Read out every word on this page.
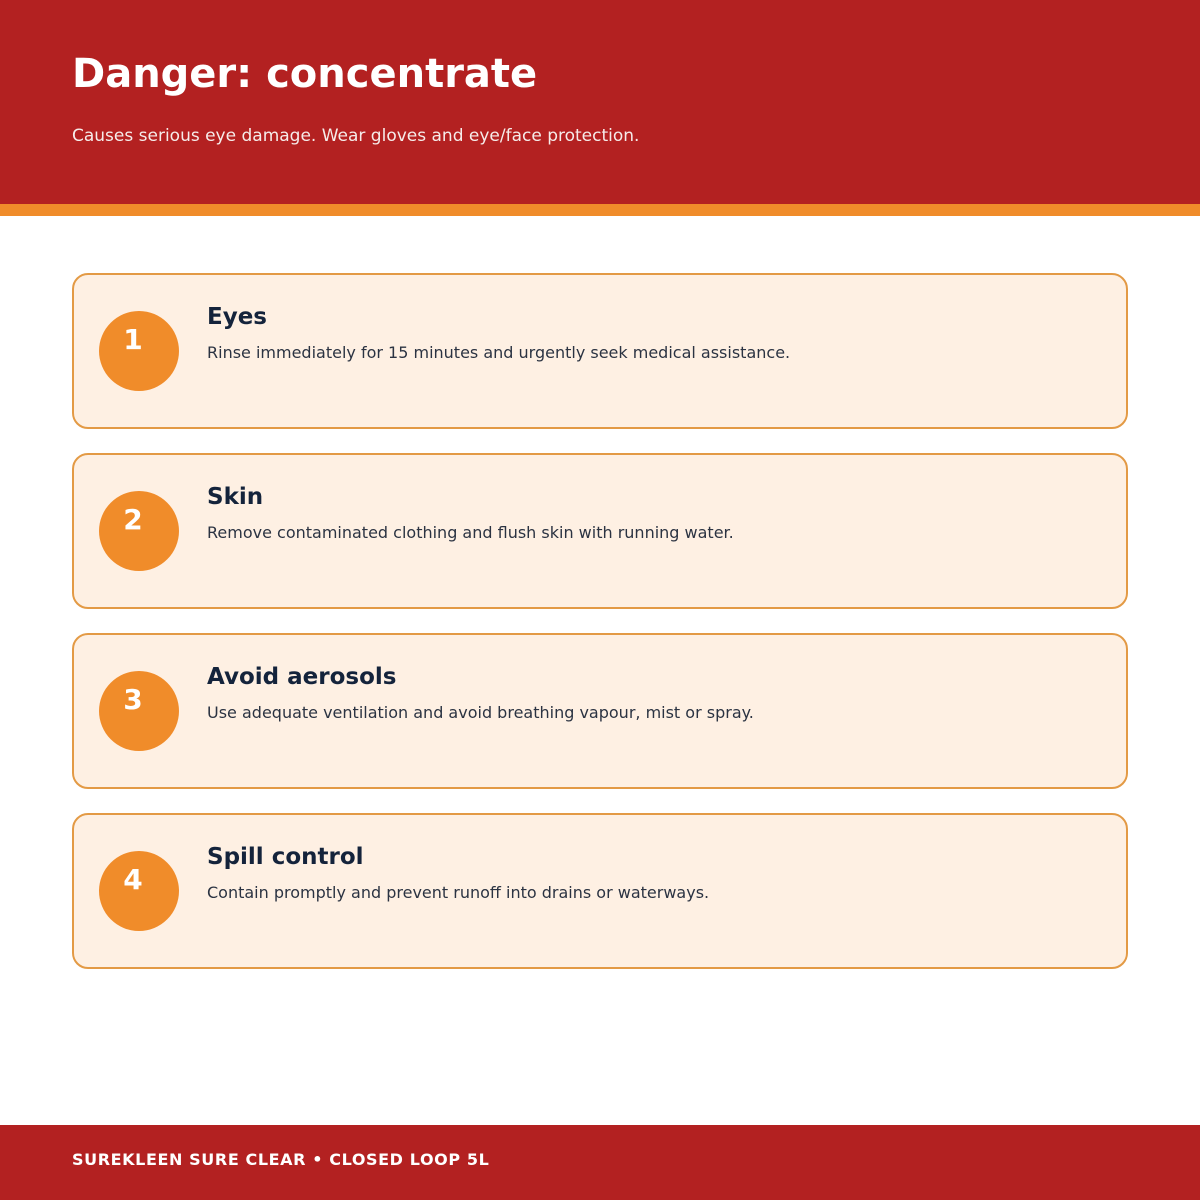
Danger: concentrate

Causes serious eye damage. Wear gloves and eye/face protection.

1
Eyes

Rinse immediately for 15 minutes and urgently seek medical assistance.

2
Skin

Remove contaminated clothing and flush skin with running water.

3
Avoid aerosols

Use adequate ventilation and avoid breathing vapour, mist or spray.

4
Spill control

Contain promptly and prevent runoff into drains or waterways.

SUREKLEEN SURE CLEAR • CLOSED LOOP 5L
